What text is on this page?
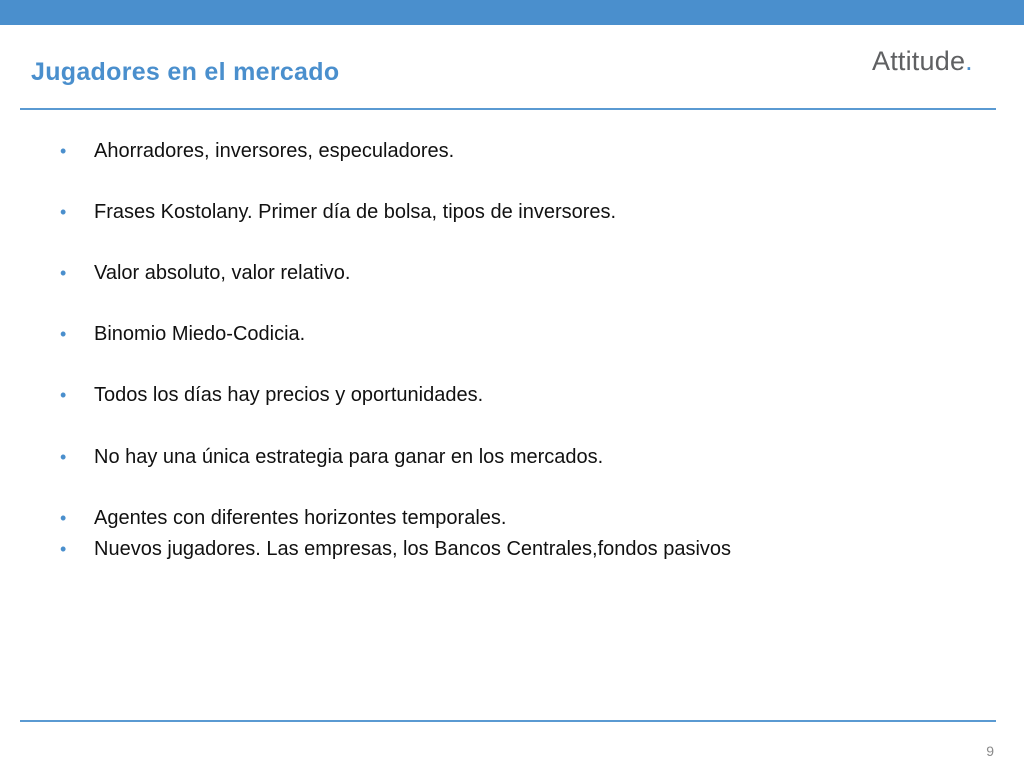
Jugadores en el mercado	Attitude.
• Ahorradores, inversores, especuladores.
• Frases Kostolany. Primer día de bolsa, tipos de inversores.
• Valor absoluto, valor relativo.
• Binomio Miedo-Codicia.
• Todos los días hay precios y oportunidades.
• No hay una única estrategia para ganar en los mercados.
• Agentes con diferentes horizontes temporales.
• Nuevos jugadores. Las empresas, los Bancos Centrales,fondos pasivos
9
